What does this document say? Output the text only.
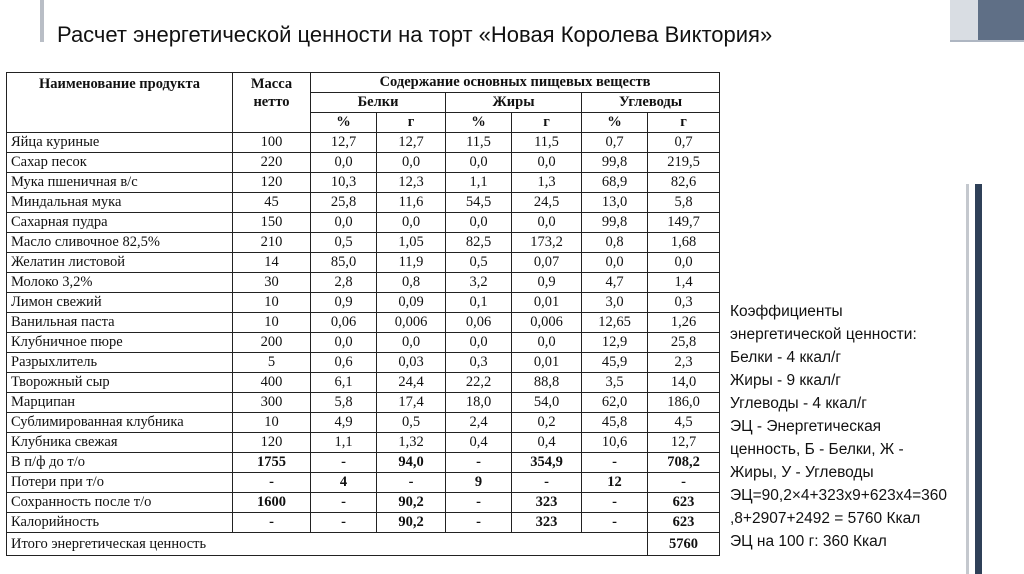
Расчет энергетической ценности на торт «Новая Королева Виктория»
Наименование продукта	Масса нетто	Содержание основных пищевых веществ					
		Белки		Жиры		Углеводы	
		%	г	%	г	%	г
Яйца куриные	100	12,7	12,7	11,5	11,5	0,7	0,7
Сахар песок	220	0,0	0,0	0,0	0,0	99,8	219,5
Мука пшеничная в/с	120	10,3	12,3	1,1	1,3	68,9	82,6
Миндальная мука	45	25,8	11,6	54,5	24,5	13,0	5,8
Сахарная пудра	150	0,0	0,0	0,0	0,0	99,8	149,7
Масло сливочное 82,5%	210	0,5	1,05	82,5	173,2	0,8	1,68
Желатин листовой	14	85,0	11,9	0,5	0,07	0,0	0,0
Молоко 3,2%	30	2,8	0,8	3,2	0,9	4,7	1,4
Лимон свежий	10	0,9	0,09	0,1	0,01	3,0	0,3
Ванильная паста	10	0,06	0,006	0,06	0,006	12,65	1,26
Клубничное пюре	200	0,0	0,0	0,0	0,0	12,9	25,8
Разрыхлитель	5	0,6	0,03	0,3	0,01	45,9	2,3
Творожный сыр	400	6,1	24,4	22,2	88,8	3,5	14,0
Марципан	300	5,8	17,4	18,0	54,0	62,0	186,0
Сублимированная клубника	10	4,9	0,5	2,4	0,2	45,8	4,5
Клубника свежая	120	1,1	1,32	0,4	0,4	10,6	12,7
В п/ф до т/о	1755	-	94,0	-	354,9	-	708,2
Потери при т/о	-	4	-	9	-	12	-
Сохранность после т/о	1600	-	90,2	-	323	-	623
Калорийность	-	-	90,2	-	323	-	623
Итого энергетическая ценность							5760
Коэффициенты
энергетической ценности:
Белки - 4 ккал/г
Жиры - 9 ккал/г
Углеводы - 4 ккал/г
ЭЦ - Энергетическая
ценность, Б - Белки, Ж -
Жиры, У - Углеводы
ЭЦ=90,2×4+323x9+623x4=360
,8+2907+2492 = 5760 Ккал
ЭЦ на 100 г: 360 Ккал
